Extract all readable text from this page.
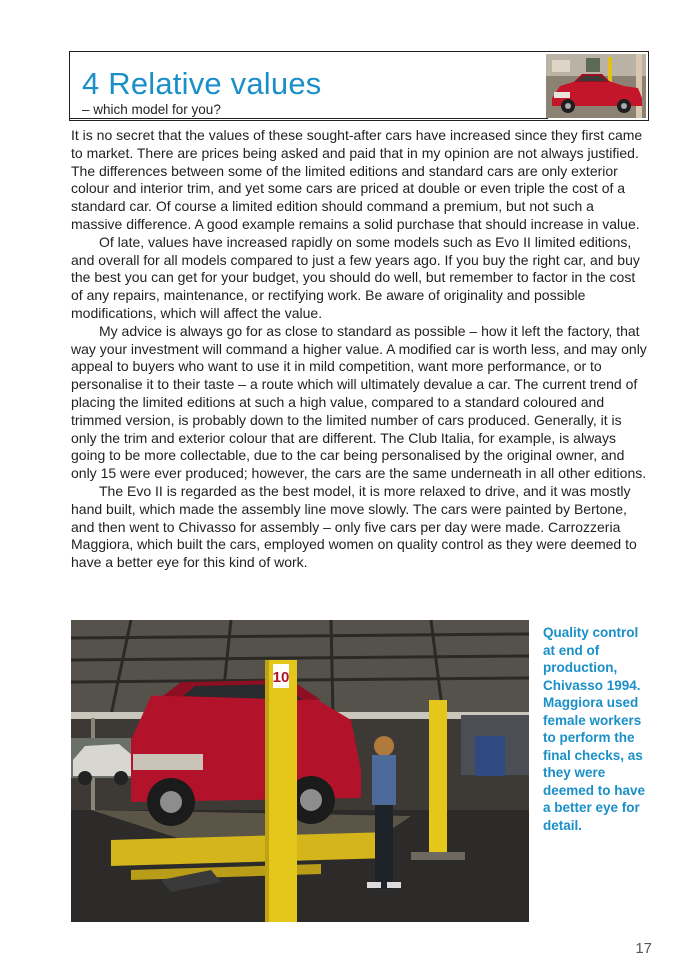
4 Relative values
– which model for you?

It is no secret that the values of these sought-after cars have increased since they first came to market. There are prices being asked and paid that in my opinion are not always justified. The differences between some of the limited editions and standard cars are only exterior colour and interior trim, and yet some cars are priced at double or even triple the cost of a standard car. Of course a limited edition should command a premium, but not such a massive difference. A good example remains a solid purchase that should increase in value.

Of late, values have increased rapidly on some models such as Evo II limited editions, and overall for all models compared to just a few years ago. If you buy the right car, and buy the best you can get for your budget, you should do well, but remember to factor in the cost of any repairs, maintenance, or rectifying work. Be aware of originality and possible modifications, which will affect the value.

My advice is always go for as close to standard as possible – how it left the factory, that way your investment will command a higher value. A modified car is worth less, and may only appeal to buyers who want to use it in mild competition, want more performance, or to personalise it to their taste – a route which will ultimately devalue a car. The current trend of placing the limited editions at such a high value, compared to a standard coloured and trimmed version, is probably down to the limited number of cars produced. Generally, it is only the trim and exterior colour that are different. The Club Italia, for example, is always going to be more collectable, due to the car being personalised by the original owner, and only 15 were ever produced; however, the cars are the same underneath in all other editions.

The Evo II is regarded as the best model, it is more relaxed to drive, and it was mostly hand built, which made the assembly line move slowly. The cars were painted by Bertone, and then went to Chivasso for assembly – only five cars per day were made. Carrozzeria Maggiora, which built the cars, employed women on quality control as they were deemed to have a better eye for this kind of work.

10
Quality control at end of production, Chivasso 1994. Maggiora used female workers to perform the final checks, as they were deemed to have a better eye for detail.
17
